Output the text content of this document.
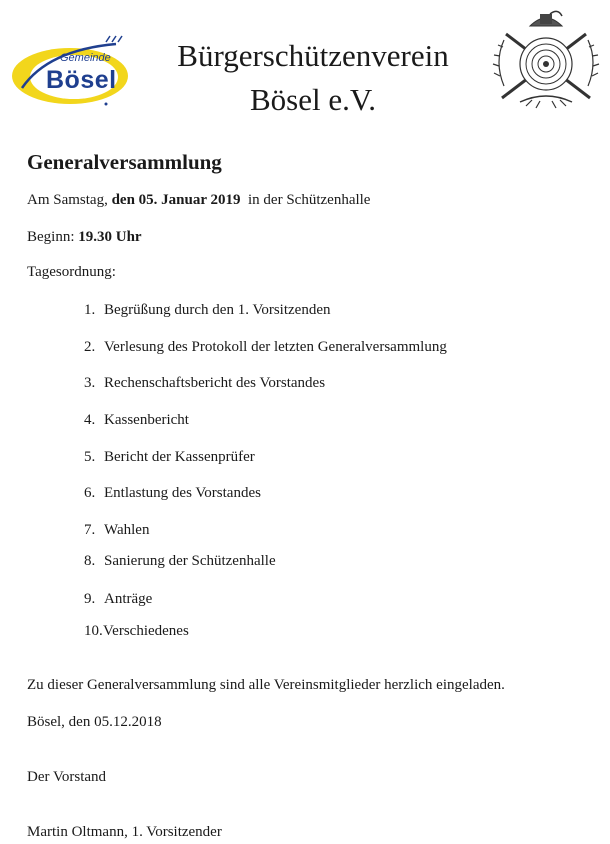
Gemeinde
Bösel
Bürgerschützenverein
Bösel e.V.
Generalversammlung
Am Samstag, den 05. Januar 2019  in der Schützenhalle
Beginn: 19.30 Uhr
Tagesordnung:
1. Begrüßung durch den 1. Vorsitzenden
2. Verlesung des Protokoll der letzten Generalversammlung
3. Rechenschaftsbericht des Vorstandes
4. Kassenbericht
5. Bericht der Kassenprüfer
6. Entlastung des Vorstandes
7. Wahlen
8. Sanierung der Schützenhalle
9. Anträge
10.Verschiedenes
Zu dieser Generalversammlung sind alle Vereinsmitglieder herzlich eingeladen.
Bösel, den 05.12.2018
Der Vorstand
Martin Oltmann, 1. Vorsitzender
